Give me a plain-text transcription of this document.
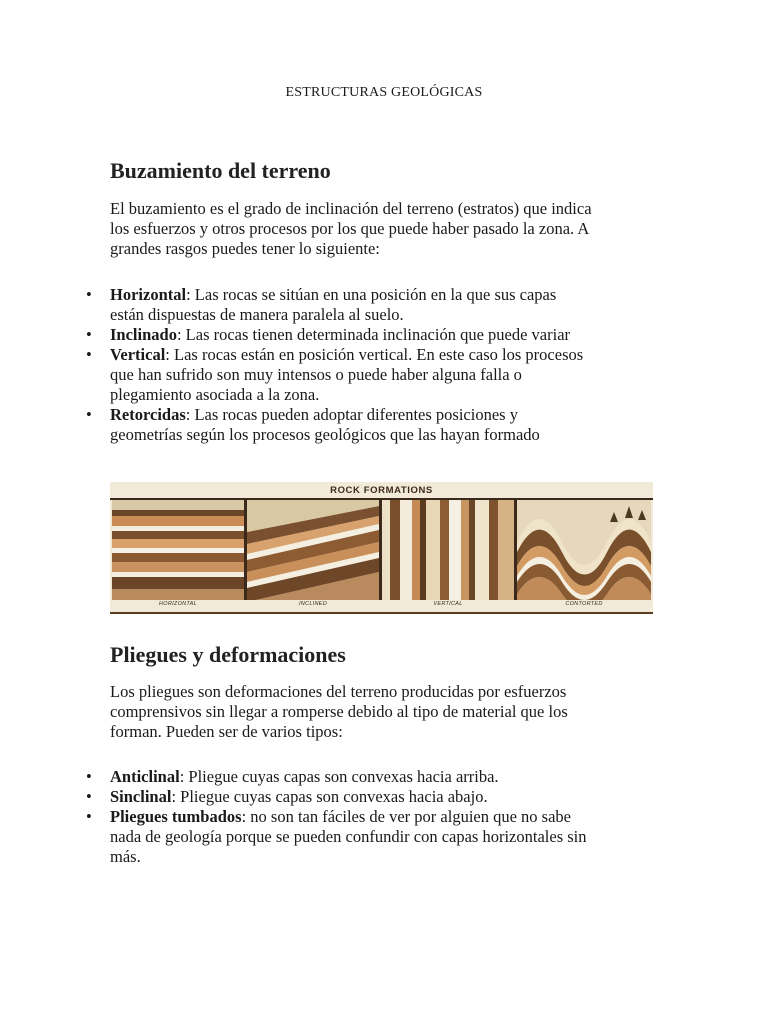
ESTRUCTURAS GEOLÓGICAS
Buzamiento del terreno
El buzamiento es el grado de inclinación del terreno (estratos) que indica
los esfuerzos y otros procesos por los que puede haber pasado la zona. A
grandes rasgos puedes tener lo siguiente:
• Horizontal: Las rocas se sitúan en una posición en la que sus capas
están dispuestas de manera paralela al suelo.
• Inclinado: Las rocas tienen determinada inclinación que puede variar
• Vertical: Las rocas están en posición vertical. En este caso los procesos
que han sufrido son muy intensos o puede haber alguna falla o
plegamiento asociada a la zona.
• Retorcidas: Las rocas pueden adoptar diferentes posiciones y
geometrías según los procesos geológicos que las hayan formado
ROCK FORMATIONS
HORIZONTAL	INCLINED	VERTICAL	CONTORTED
Pliegues y deformaciones
Los pliegues son deformaciones del terreno producidas por esfuerzos
comprensivos sin llegar a romperse debido al tipo de material que los
forman. Pueden ser de varios tipos:
• Anticlinal: Pliegue cuyas capas son convexas hacia arriba.
• Sinclinal: Pliegue cuyas capas son convexas hacia abajo.
• Pliegues tumbados: no son tan fáciles de ver por alguien que no sabe
nada de geología porque se pueden confundir con capas horizontales sin
más.
